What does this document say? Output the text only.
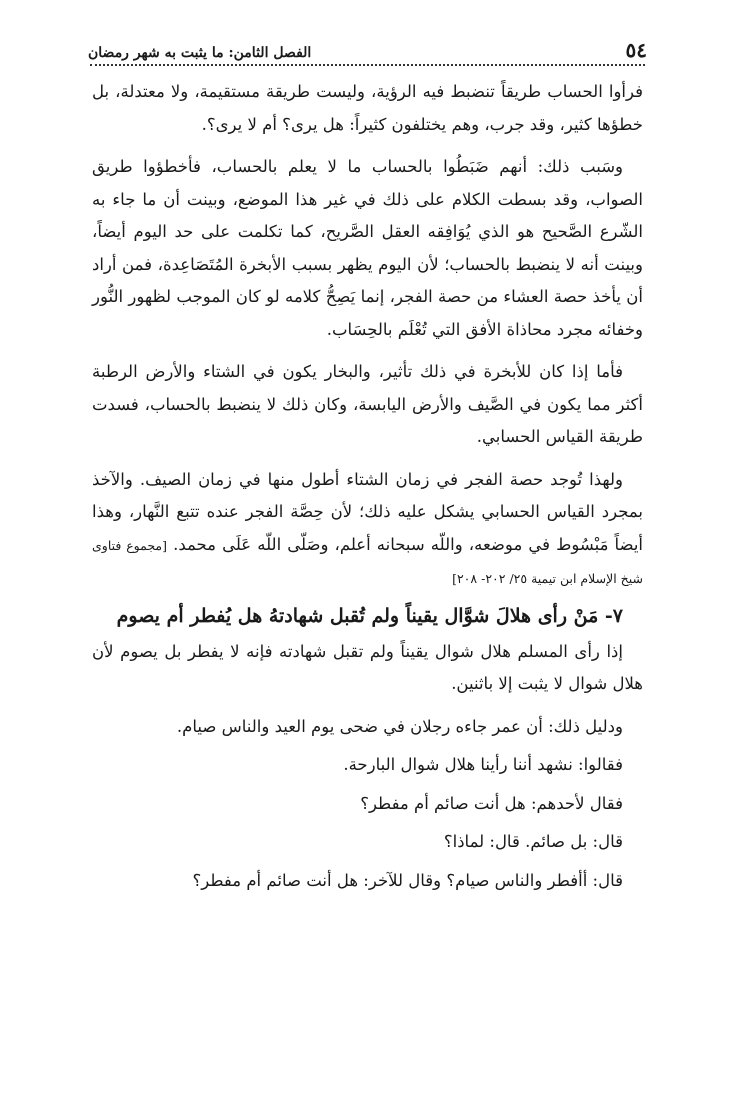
٥٤
الفصل الثامن: ما يثبت به شهر رمضان

فرأوا الحساب طريقاً تنضبط فيه الرؤية، وليست طريقة مستقيمة، ولا معتدلة، بل خطؤها كثير، وقد جرب، وهم يختلفون كثيراً: هل يرى؟ أم لا يرى؟.

وسَبب ذلك: أنهم ضَبَطُوا بالحساب ما لا يعلم بالحساب، فأخطؤوا طريق الصواب، وقد بسطت الكلام على ذلك في غير هذا الموضع، وبينت أن ما جاء به الشّرع الصَّحيح هو الذي يُوَافِقه العقل الصَّريح، كما تكلمت على حد اليوم أيضاً، وبينت أنه لا ينضبط بالحساب؛ لأن اليوم يظهر بسبب الأبخرة المُتَصَاعِدة، فمن أراد أن يأخذ حصة العشاء من حصة الفجر، إنما يَصِحُّ كلامه لو كان الموجب لظهور النُّور وخفائه مجرد محاذاة الأفق التي تُعْلَم بالحِسَاب.

فأما إذا كان للأبخرة في ذلك تأثير، والبخار يكون في الشتاء والأرض الرطبة أكثر مما يكون في الصَّيف والأرض اليابسة، وكان ذلك لا ينضبط بالحساب، فسدت طريقة القياس الحسابي.

ولهذا تُوجد حصة الفجر في زمان الشتاء أطول منها في زمان الصيف. والآخذ بمجرد القياس الحسابي يشكل عليه ذلك؛ لأن حِصَّة الفجر عنده تتبع النَّهار، وهذا أيضاً مَبْسُوط في موضعه، واللّه سبحانه أعلم، وصَلّى اللّه عَلَى محمد. [مجموع فتاوى شيخ الإسلام ابن تيمية ٢٥/ ٢٠٢- ٢٠٨]

٧- مَنْ رأى هلالَ شوَّال يقيناً ولم تُقبل شهادتهُ هل يُفطر أم يصوم

إذا رأى المسلم هلال شوال يقيناً ولم تقبل شهادته فإنه لا يفطر بل يصوم لأن هلال شوال لا يثبت إلا باثنين.

ودليل ذلك: أن عمر جاءه رجلان في ضحى يوم العيد والناس صيام.

فقالوا: نشهد أننا رأينا هلال شوال البارحة.

فقال لأحدهم: هل أنت صائم أم مفطر؟

قال: بل صائم. قال: لماذا؟

قال: أأفطر والناس صيام؟ وقال للآخر: هل أنت صائم أم مفطر؟
